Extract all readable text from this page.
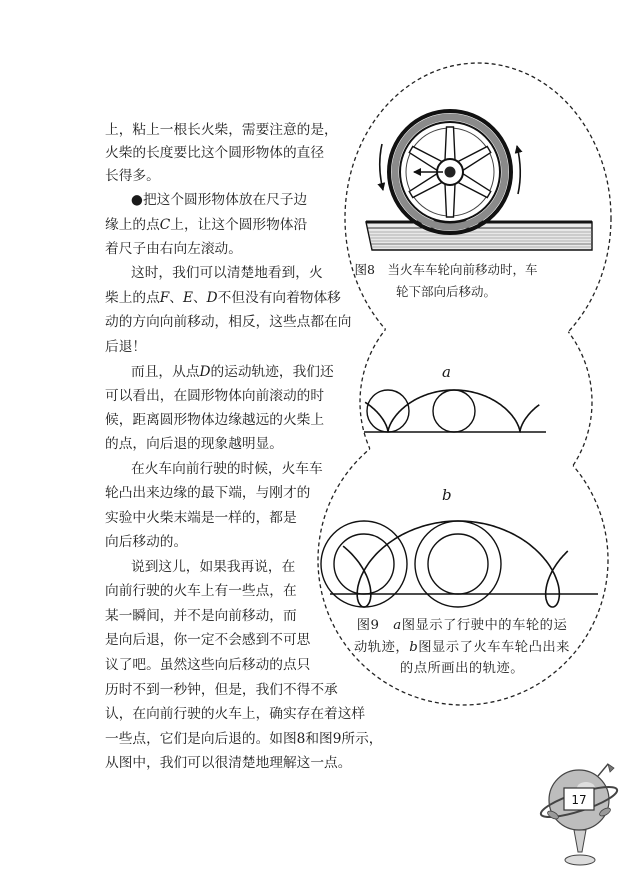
17
上，粘上一根长火柴，需要注意的是，
火柴的长度要比这个圆形物体的直径
长得多。
●把这个圆形物体放在尺子边
缘上的点C上，让这个圆形物体沿
着尺子由右向左滚动。
这时，我们可以清楚地看到，火
柴上的点F、E、D不但没有向着物体移
动的方向向前移动，相反，这些点都在向
后退！
而且，从点D的运动轨迹，我们还
可以看出，在圆形物体向前滚动的时
候，距离圆形物体边缘越远的火柴上
的点，向后退的现象越明显。
在火车向前行驶的时候，火车车
轮凸出来边缘的最下端，与刚才的
实验中火柴末端是一样的，都是
向后移动的。
说到这儿，如果我再说，在
向前行驶的火车上有一些点，在
某一瞬间，并不是向前移动，而
是向后退，你一定不会感到不可思
议了吧。虽然这些向后移动的点只
历时不到一秒钟，但是，我们不得不承
认，在向前行驶的火车上，确实存在着这样
一些点，它们是向后退的。如图8和图9所示，
从图中，我们可以很清楚地理解这一点。
图8　当火车车轮向前移动时，车
轮下部向后移动。
a
b
图9　a图显示了行驶中的车轮的运
动轨迹，b图显示了火车车轮凸出来
的点所画出的轨迹。
